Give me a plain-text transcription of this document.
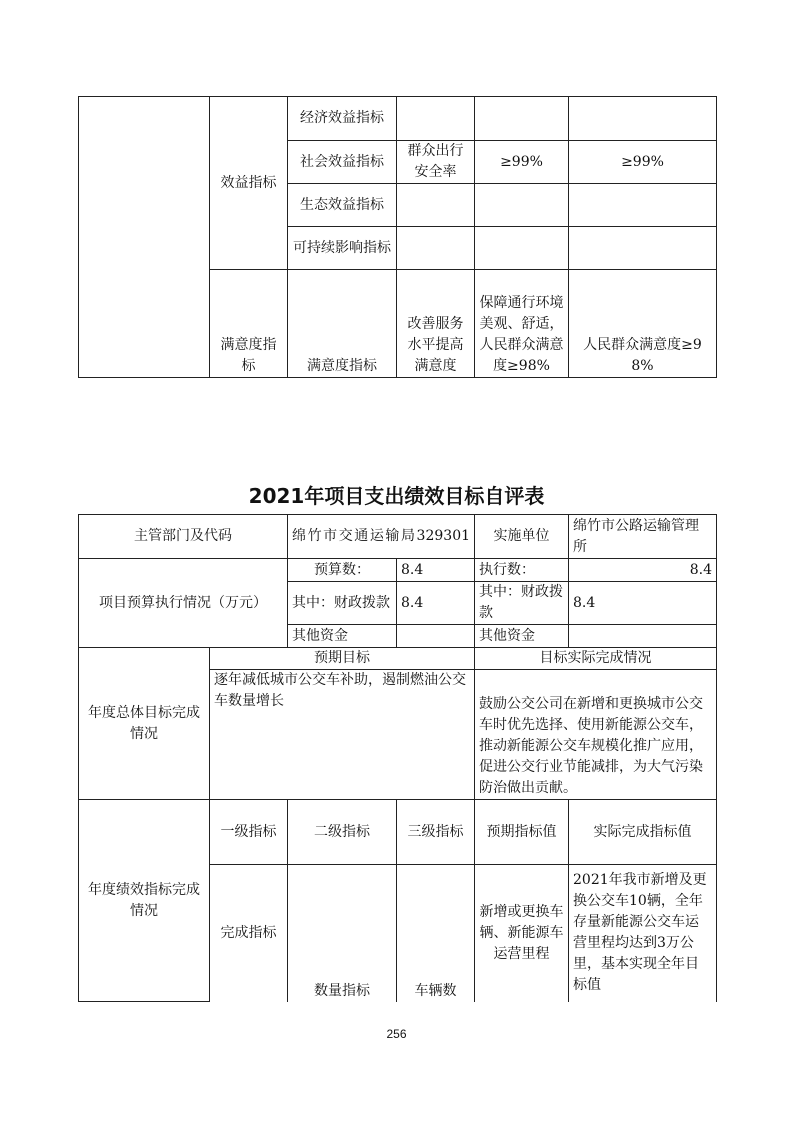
	效益指标	经济效益指标			
		社会效益指标	群众出行安全率	≥99%	≥99%
		生态效益指标			
		可持续影响指标			
	满意度指标	满意度指标	改善服务水平提高满意度	保障通行环境美观、舒适，人民群众满意度≥98%	人民群众满意度≥98%
2021年项目支出绩效目标自评表
主管部门及代码		绵竹市交通运输局329301		实施单位	绵竹市公路运输管理所
项目预算执行情况（万元）		预算数：	8.4	执行数：	8.4
		其中：财政拨款	8.4	其中：财政拨款	8.4
		其他资金		其他资金	
年度总体目标完成情况	预期目标			目标实际完成情况	
	逐年减低城市公交车补助，遏制燃油公交车数量增长			鼓励公交公司在新增和更换城市公交车时优先选择、使用新能源公交车，推动新能源公交车规模化推广应用，促进公交行业节能减排，为大气污染防治做出贡献。	
年度绩效指标完成情况	一级指标	二级指标	三级指标	预期指标值	实际完成指标值
	完成指标	数量指标	车辆数	新增或更换车辆、新能源车运营里程	2021年我市新增及更换公交车10辆，全年存量新能源公交车运营里程均达到3万公里，基本实现全年目标值
256
